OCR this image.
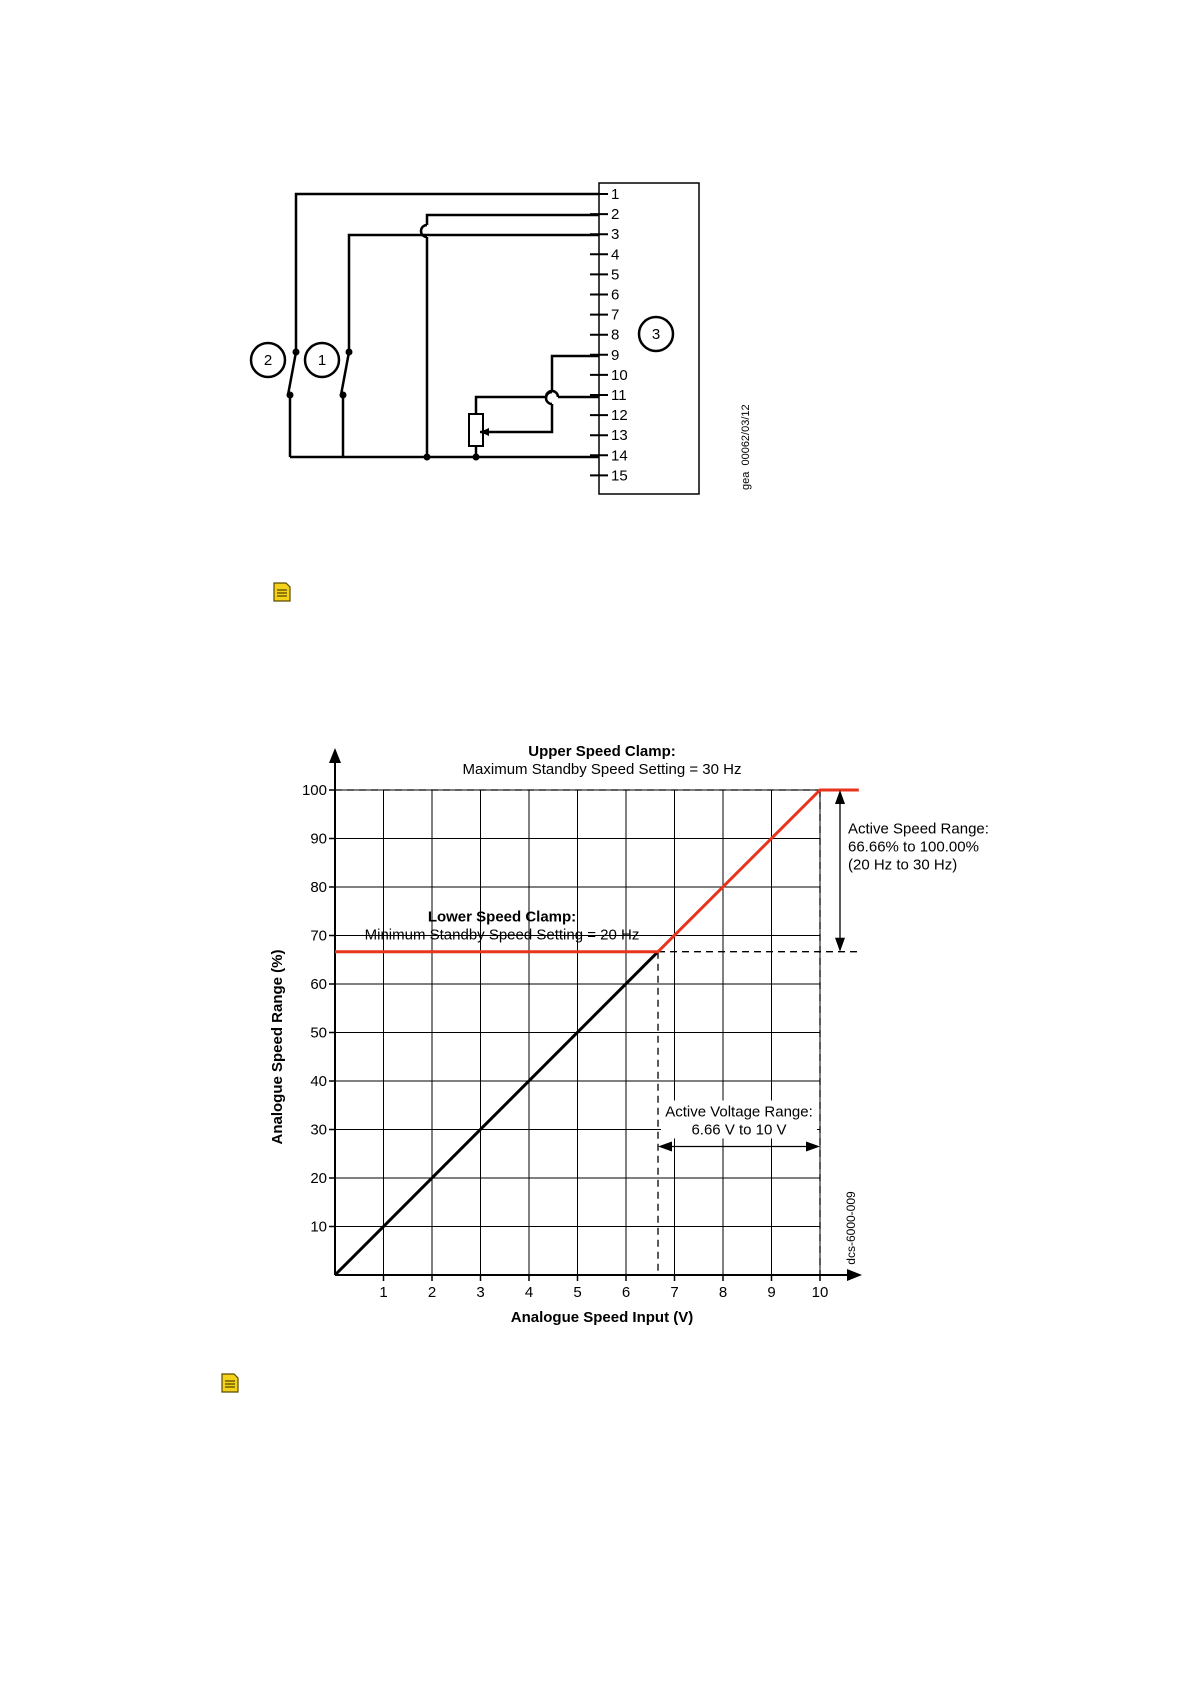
1
2
3
4
5
6
7
8
9
10
11
12
13
14
15
2	1
3
gea  00062/03/12
1	2	3	4	5	6	7	8	9 10
10
20
30
40
50
60
70
80
90
100
Upper Speed Clamp:
Maximum Standby Speed Setting = 30 Hz
Lower Speed Clamp:
Minimum Standby Speed Setting = 20 Hz
Active Speed Range:
66.66% to 100.00%
(20 Hz to 30 Hz)
Active Voltage Range:
6.66 V to 10 V
Analogue Speed Input (V)
Analogue Speed Range (%)
dcs-6000-009
